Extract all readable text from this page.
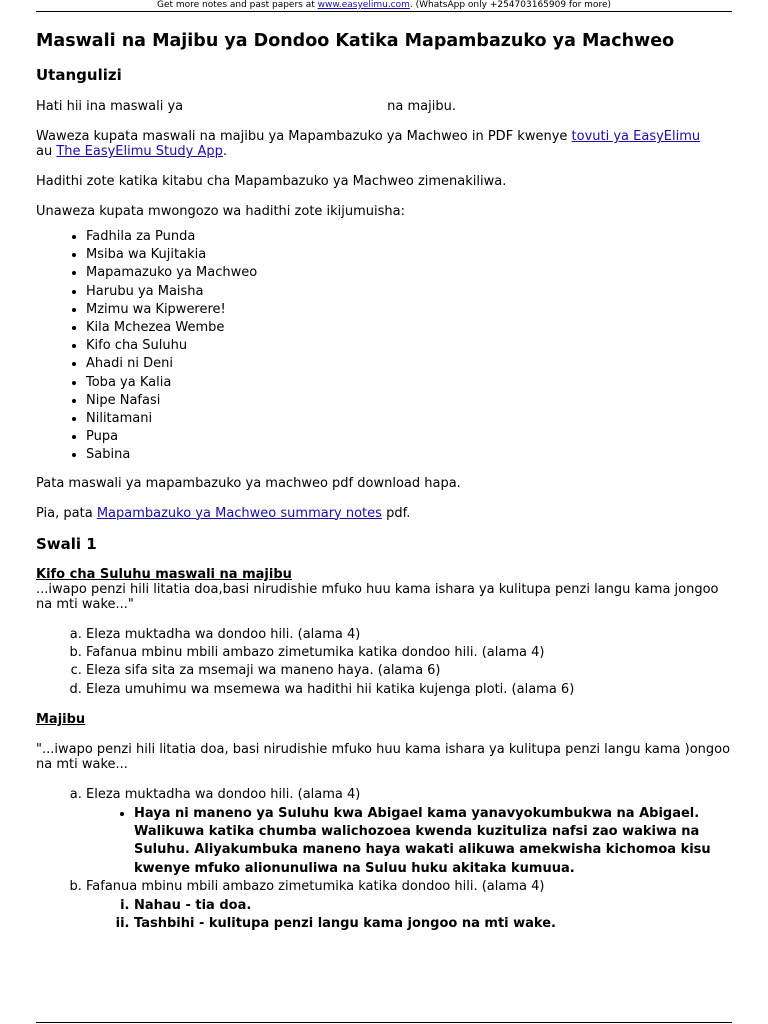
Get more notes and past papers at www.easyelimu.com. (WhatsApp only +254703165909 for more)
Maswali na Majibu ya Dondoo Katika Mapambazuko ya Machweo
Utangulizi

Hati hii ina maswali ya	na majibu.

Waweza kupata maswali na majibu ya Mapambazuko ya Machweo in PDF kwenye tovuti ya EasyElimu
au The EasyElimu Study App.

Hadithi zote katika kitabu cha Mapambazuko ya Machweo zimenakiliwa.

Unaweza kupata mwongozo wa hadithi zote ikijumuisha:

• Fadhila za Punda
• Msiba wa Kujitakia
• Mapamazuko ya Machweo
• Harubu ya Maisha
• Mzimu wa Kipwerere!
• Kila Mchezea Wembe
• Kifo cha Suluhu
• Ahadi ni Deni
• Toba ya Kalia
• Nipe Nafasi
• Nilitamani
• Pupa
• Sabina

Pata maswali ya mapambazuko ya machweo pdf download hapa.

Pia, pata Mapambazuko ya Machweo summary notes pdf.

Swali 1

Kifo cha Suluhu maswali na majibu

...iwapo penzi hili litatia doa,basi nirudishie mfuko huu kama ishara ya kulitupa penzi langu kama jongoo na mti wake..."

a. Eleza muktadha wa dondoo hili. (alama 4)
b. Fafanua mbinu mbili ambazo zimetumika katika dondoo hili. (alama 4)
c. Eleza sifa sita za msemaji wa maneno haya. (alama 6)
d. Eleza umuhimu wa msemewa wa hadithi hii katika kujenga ploti. (alama 6)

Majibu

"...iwapo penzi hili litatia doa, basi nirudishie mfuko huu kama ishara ya kulitupa penzi langu kama )ongoo na mti wake...

a. Eleza muktadha wa dondoo hili. (alama 4)
• Haya ni maneno ya Suluhu kwa Abigael kama yanavyokumbukwa na Abigael. Walikuwa katika chumba walichozoea kwenda kuzituliza nafsi zao wakiwa na Suluhu. Aliyakumbuka maneno haya wakati alikuwa amekwisha kichomoa kisu kwenye mfuko alionunuliwa na Suluu huku akitaka kumuua.
b. Fafanua mbinu mbili ambazo zimetumika katika dondoo hili. (alama 4)
i. Nahau - tia doa.
ii. Tashbihi - kulitupa penzi langu kama jongoo na mti wake.
